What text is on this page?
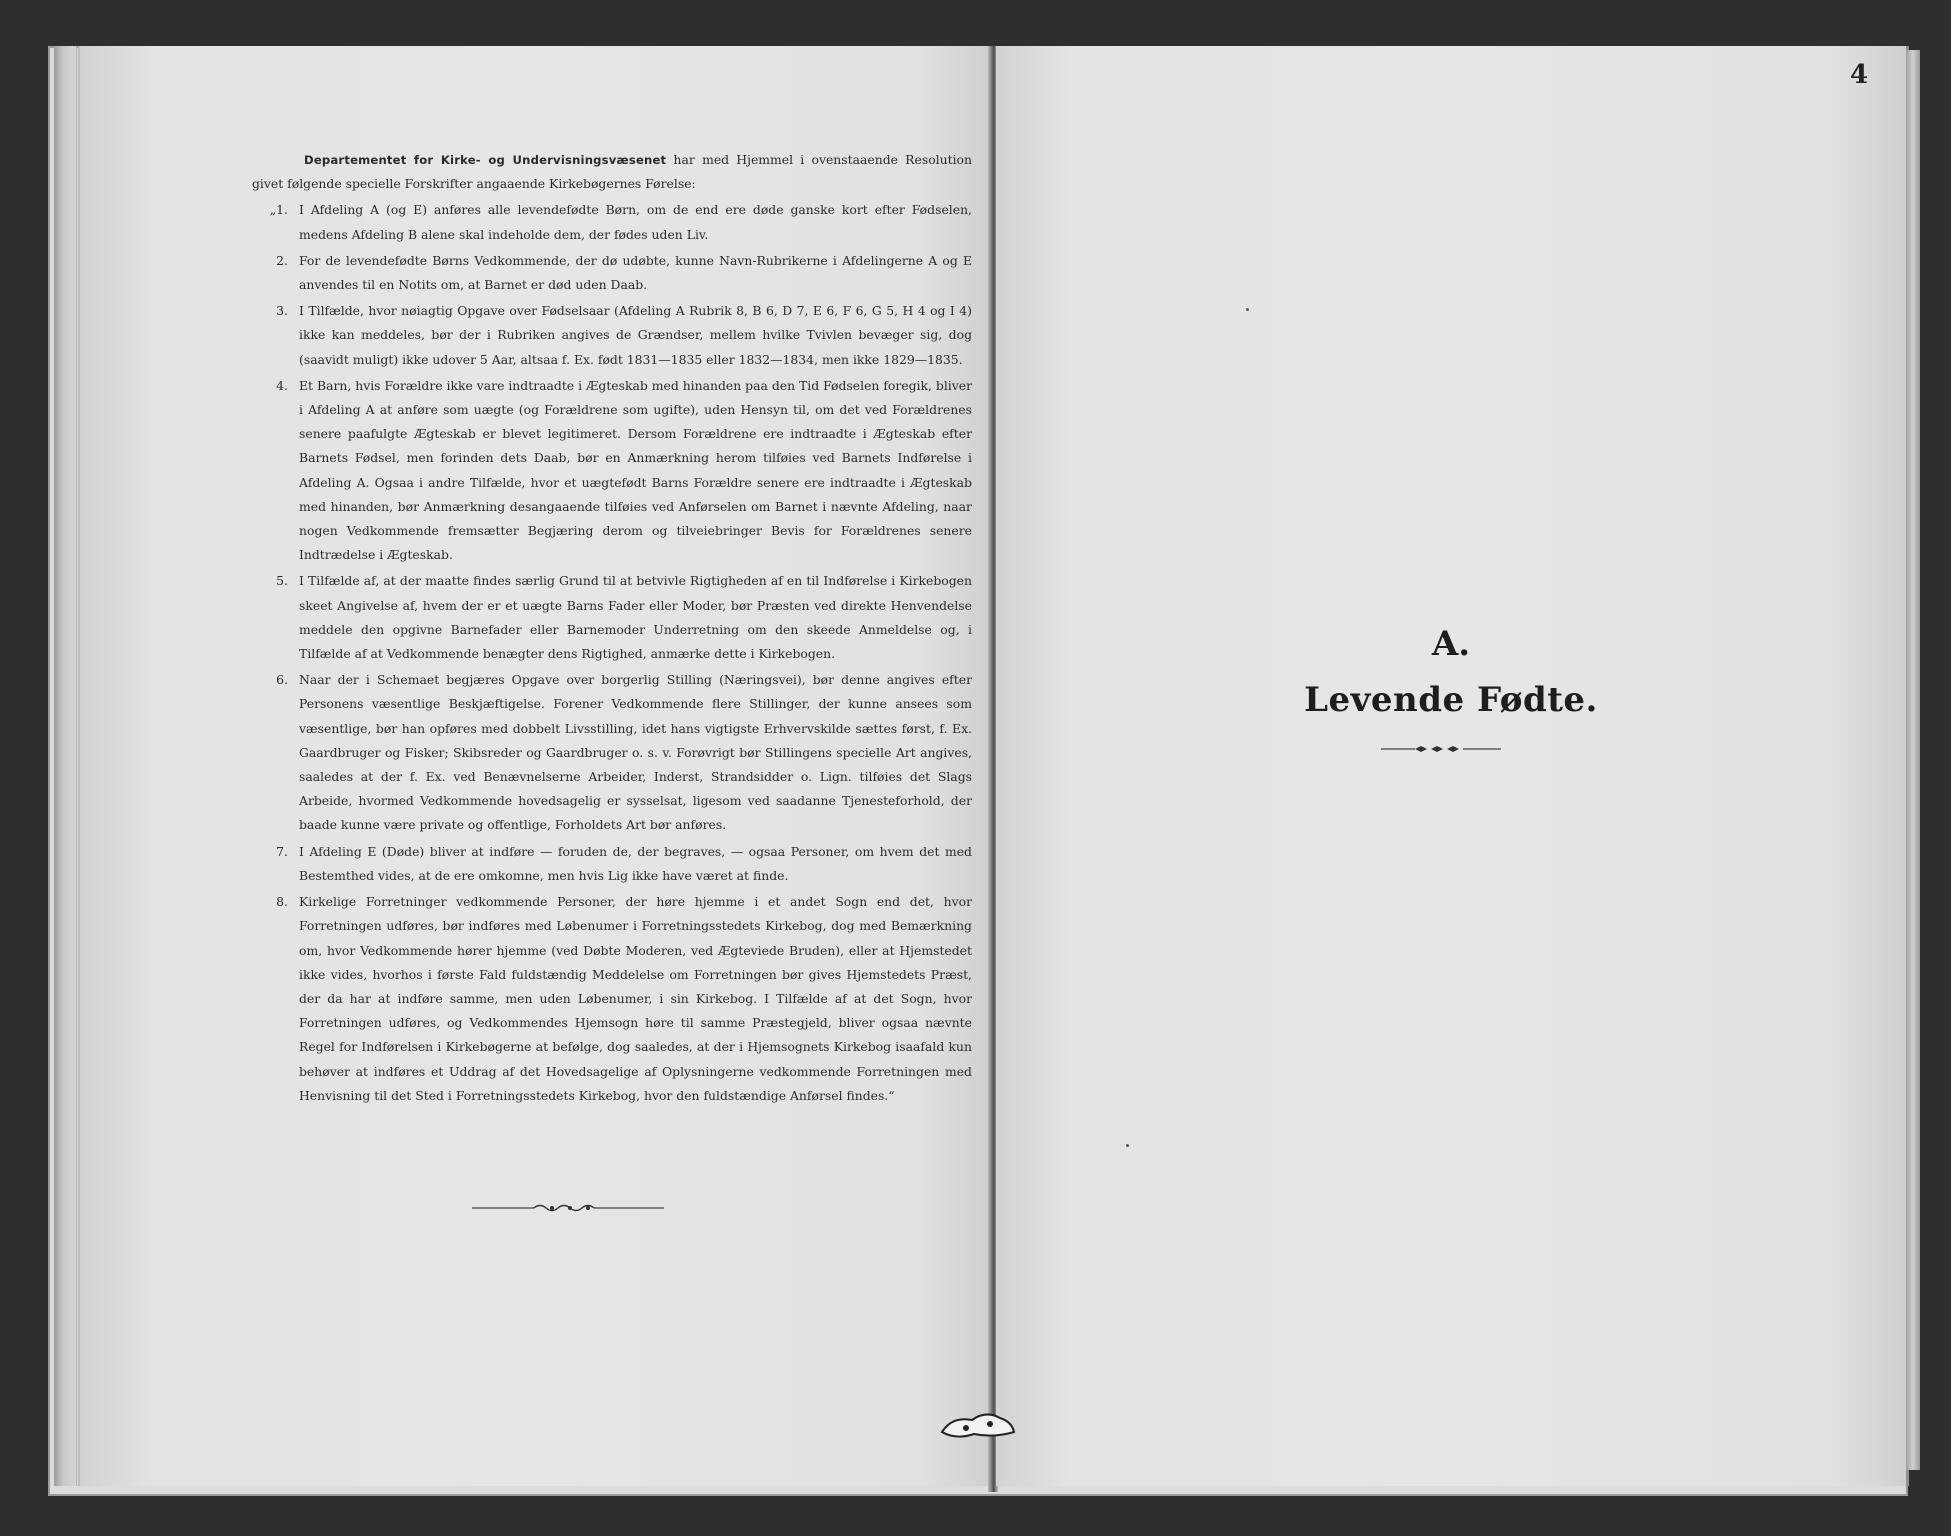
Departementet for Kirke- og Undervisningsvæsenet har med Hjemmel i ovenstaaende Resolution givet følgende specielle Forskrifter angaaende Kirkebøgernes Førelse:

„1. I Afdeling A (og E) anføres alle levendefødte Børn, om de end ere døde ganske kort efter Fødselen, medens Afdeling B alene skal indeholde dem, der fødes uden Liv.

2. For de levendefødte Børns Vedkommende, der dø udøbte, kunne Navn-Rubrikerne i Afdelingerne A og E anvendes til en Notits om, at Barnet er død uden Daab.

3. I Tilfælde, hvor nøiagtig Opgave over Fødselsaar (Afdeling A Rubrik 8, B 6, D 7, E 6, F 6, G 5, H 4 og I 4) ikke kan meddeles, bør der i Rubriken angives de Grændser, mellem hvilke Tvivlen bevæger sig, dog (saavidt muligt) ikke udover 5 Aar, altsaa f. Ex. født 1831—1835 eller 1832—1834, men ikke 1829—1835.

4. Et Barn, hvis Forældre ikke vare indtraadte i Ægteskab med hinanden paa den Tid Fødselen foregik, bliver i Afdeling A at anføre som uægte (og Forældrene som ugifte), uden Hensyn til, om det ved Forældrenes senere paafulgte Ægteskab er blevet legitimeret. Dersom Forældrene ere indtraadte i Ægteskab efter Barnets Fødsel, men forinden dets Daab, bør en Anmærkning herom tilføies ved Barnets Indførelse i Afdeling A. Ogsaa i andre Tilfælde, hvor et uægtefødt Barns Forældre senere ere indtraadte i Ægteskab med hinanden, bør Anmærkning desangaaende tilføies ved Anførselen om Barnet i nævnte Afdeling, naar nogen Vedkommende fremsætter Begjæring derom og tilveiebringer Bevis for Forældrenes senere Indtrædelse i Ægteskab.

5. I Tilfælde af, at der maatte findes særlig Grund til at betvivle Rigtigheden af en til Indførelse i Kirkebogen skeet Angivelse af, hvem der er et uægte Barns Fader eller Moder, bør Præsten ved direkte Henvendelse meddele den opgivne Barnefader eller Barnemoder Underretning om den skeede Anmeldelse og, i Tilfælde af at Vedkommende benægter dens Rigtighed, anmærke dette i Kirkebogen.

6. Naar der i Schemaet begjæres Opgave over borgerlig Stilling (Næringsvei), bør denne angives efter Personens væsentlige Beskjæftigelse. Forener Vedkommende flere Stillinger, der kunne ansees som væsentlige, bør han opføres med dobbelt Livsstilling, idet hans vigtigste Erhvervskilde sættes først, f. Ex. Gaardbruger og Fisker; Skibsreder og Gaardbruger o. s. v. Forøvrigt bør Stillingens specielle Art angives, saaledes at der f. Ex. ved Benævnelserne Arbeider, Inderst, Strandsidder o. Lign. tilføies det Slags Arbeide, hvormed Vedkommende hovedsagelig er sysselsat, ligesom ved saadanne Tjenesteforhold, der baade kunne være private og offentlige, Forholdets Art bør anføres.

7. I Afdeling E (Døde) bliver at indføre — foruden de, der begraves, — ogsaa Personer, om hvem det med Bestemthed vides, at de ere omkomne, men hvis Lig ikke have været at finde.

8. Kirkelige Forretninger vedkommende Personer, der høre hjemme i et andet Sogn end det, hvor Forretningen udføres, bør indføres med Løbenumer i Forretningsstedets Kirkebog, dog med Bemærkning om, hvor Vedkommende hører hjemme (ved Døbte Moderen, ved Ægteviede Bruden), eller at Hjemstedet ikke vides, hvorhos i første Fald fuldstændig Meddelelse om Forretningen bør gives Hjemstedets Præst, der da har at indføre samme, men uden Løbenumer, i sin Kirkebog. I Tilfælde af at det Sogn, hvor Forretningen udføres, og Vedkommendes Hjemsogn høre til samme Præstegjeld, bliver ogsaa nævnte Regel for Indførelsen i Kirkebøgerne at befølge, dog saaledes, at der i Hjemsognets Kirkebog isaafald kun behøver at indføres et Uddrag af det Hovedsagelige af Oplysningerne vedkommende Forretningen med Henvisning til det Sted i Forretningsstedets Kirkebog, hvor den fuldstændige Anførsel findes.“

4
A.
Levende Fødte.
